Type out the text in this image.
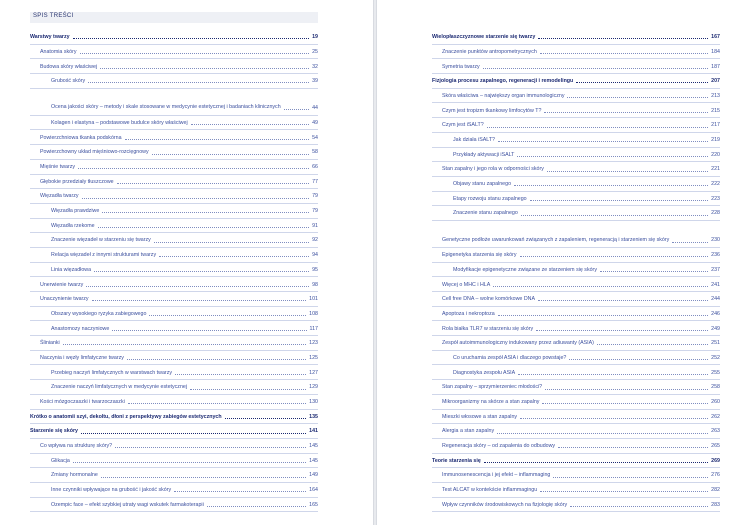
SPIS TREŚCI
Warstwy twarzy	19
Anatomia skóry	25
Budowa skóry właściwej	32
Grubość skóry	39
Ocena jakości skóry – metody i skale stosowane w medycynie estetycznej i badaniach klinicznych	44
Kolagen i elastyna – podstawowe budulce skóry właściwej	49
Powierzchniowa tkanka podskórna	54
Powierzchowny układ mięśniowo-rozcięgnowy	58
Mięśnie twarzy	66
Głębokie przedziały tłuszczowe	77
Więzadła twarzy	79
Więzadła prawdziwe	79
Więzadła rzekome	91
Znaczenie więzadeł w starzeniu się twarzy	92
Relacja więzadeł z innymi strukturami twarzy	94
Linia więzadłowa	95
Unerwienie twarzy	98
Unaczynienie twarzy	101
Obszary wysokiego ryzyka zabiegowego	108
Anastomozy naczyniowe	117
Ślinianki	123
Naczynia i węzły limfatyczne twarzy	125
Przebieg naczyń limfatycznych w warstwach twarzy	127
Znaczenie naczyń limfatycznych w medycynie estetycznej	129
Kości mózgoczaszki i twarzoczaszki	130
Krótko o anatomii szyi, dekoltu, dłoni z perspektywy zabiegów estetycznych	135
Starzenie się skóry	141
Co wpływa na strukturę skóry?	145
Glikacja	145
Zmiany hormonalne	149
Inne czynniki wpływające na grubość i jakość skóry	164
Ozempic face – efekt szybkiej utraty wagi wskutek farmakoterapii	165
Wielopłaszczyznowe starzenie się twarzy	167
Znaczenie punktów antropometrycznych	184
Symetria twarzy	187
Fizjologia procesu zapalnego, regeneracji i remodelingu	207
Skóra właściwa – największy organ immunologiczny	213
Czym jest tropizm tkankowy limfocytów T?	215
Czym jest iSALT?	217
Jak działa iSALT?	219
Przykłady aktywacji iSALT	220
Stan zapalny i jego rola w odporności skóry	221
Objawy stanu zapalnego	222
Etapy rozwoju stanu zapalnego	223
Znaczenie stanu zapalnego	228
Genetyczne podłoże uwarunkowań związanych z zapaleniem, regeneracją i starzeniem się skóry	230
Epigenetyka starzenia się skóry	236
Modyfikacje epigenetyczne związane ze starzeniem się skóry	237
Więcej o MHC i HLA	241
Cell free DNA – wolne komórkowe DNA	244
Apoptoza i nekroptoza	246
Rola białka TLR7 w starzeniu się skóry	249
Zespół autoimmunologiczny indukowany przez adiuwanty (ASIA)	251
Co uruchamia zespół ASIA i dlaczego powstaje?	252
Diagnostyka zespołu ASIA	255
Stan zapalny – sprzymierzeniec młodości?	258
Mikroorganizmy na skórze a stan zapalny	260
Mieszki włosowe a stan zapalny	262
Alergia a stan zapalny	263
Regeneracja skóry – od zapalenia do odbudowy	265
Teorie starzenia się	269
Immunosenescencja i jej efekt – inflammaging	276
Test ALCAT w kontekście inflammagingu	282
Wpływ czynników środowiskowych na fizjologię skóry	283
